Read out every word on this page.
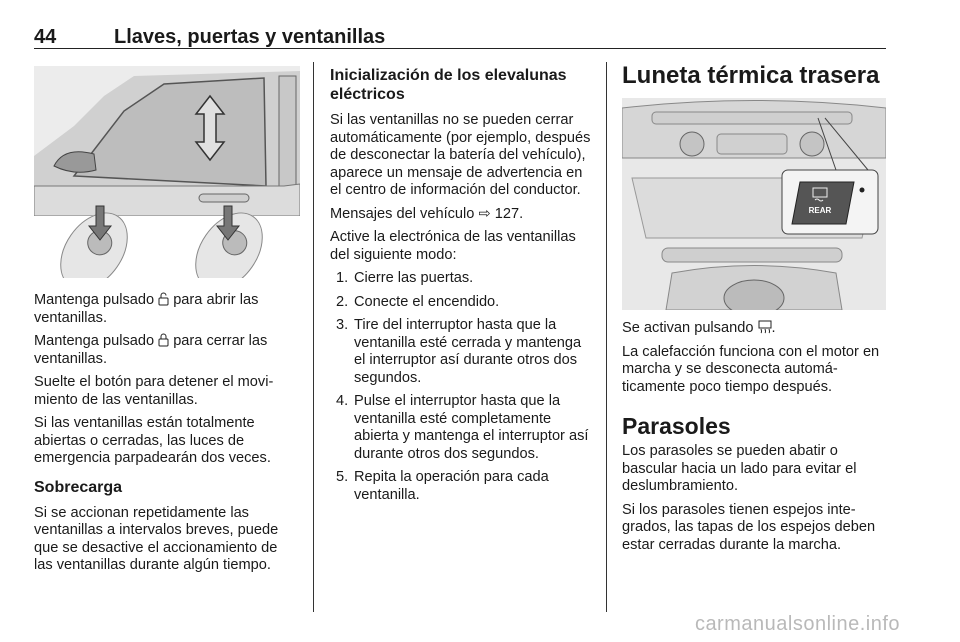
44	Llaves, puertas y ventanillas

Mantenga pulsado  para abrir las ventanillas.

Mantenga pulsado  para cerrar las ventanillas.

Suelte el botón para detener el movimiento de las ventanillas.

Si las ventanillas están totalmente abiertas o cerradas, las luces de emergencia parpadearán dos veces.

Sobrecarga

Si se accionan repetidamente las ventanillas a intervalos breves, puede que se desactive el accionamiento de las ventanillas durante algún tiempo.

Inicialización de los elevalunas eléctricos

Si las ventanillas no se pueden cerrar automáticamente (por ejemplo, después de desconectar la batería del vehículo), aparece un mensaje de advertencia en el centro de información del conductor.

Mensajes del vehículo ⇨ 127.

Active la electrónica de las ventanillas del siguiente modo:

1. Cierre las puertas.
2. Conecte el encendido.
3. Tire del interruptor hasta que la ventanilla esté cerrada y mantenga el interruptor así durante otros dos segundos.
4. Pulse el interruptor hasta que la ventanilla esté completamente abierta y mantenga el interruptor así durante otros dos segundos.
5. Repita la operación para cada ventanilla.
Luneta térmica trasera
REAR

Se activan pulsando .

La calefacción funciona con el motor en marcha y se desconecta automáticamente poco tiempo después.

Parasoles

Los parasoles se pueden abatir o bascular hacia un lado para evitar el deslumbramiento.

Si los parasoles tienen espejos integrados, las tapas de los espejos deben estar cerradas durante la marcha.

carmanualsonline.info
